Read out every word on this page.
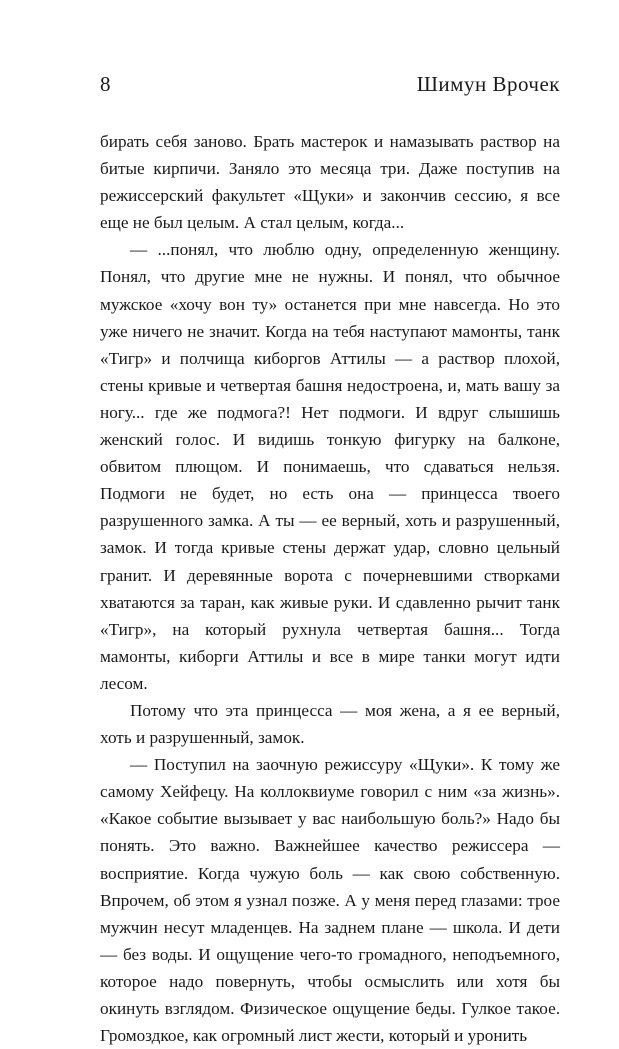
8	Шимун Врочек

бирать себя заново. Брать мастерок и намазывать раствор на битые кирпичи. Заняло это месяца три. Даже поступив на режиссерский факультет «Щуки» и закончив сессию, я все еще не был целым. А стал целым, когда...

— ...понял, что люблю одну, определенную женщину. Понял, что другие мне не нужны. И понял, что обычное мужское «хочу вон ту» останется при мне навсегда. Но это уже ничего не значит. Когда на тебя наступают мамонты, танк «Тигр» и полчища киборгов Аттилы — а раствор плохой, стены кривые и четвертая башня недостроена, и, мать вашу за ногу... где же подмога?! Нет подмоги. И вдруг слышишь женский голос. И видишь тонкую фигурку на балконе, обвитом плющом. И понимаешь, что сдаваться нельзя. Подмоги не будет, но есть она — принцесса твоего разрушенного замка. А ты — ее верный, хоть и разрушенный, замок. И тогда кривые стены держат удар, словно цельный гранит. И деревянные ворота с почерневшими створками хватаются за таран, как живые руки. И сдавленно рычит танк «Тигр», на который рухнула четвертая башня... Тогда мамонты, киборги Аттилы и все в мире танки могут идти лесом.

Потому что эта принцесса — моя жена, а я ее верный, хоть и разрушенный, замок.

— Поступил на заочную режиссуру «Щуки». К тому же самому Хейфецу. На коллоквиуме говорил с ним «за жизнь». «Какое событие вызывает у вас наибольшую боль?» Надо бы понять. Это важно. Важнейшее качество режиссера — восприятие. Когда чужую боль — как свою собственную. Впрочем, об этом я узнал позже. А у меня перед глазами: трое мужчин несут младенцев. На заднем плане — школа. И дети — без воды. И ощущение чего-то громадного, неподъемного, которое надо повернуть, чтобы осмыслить или хотя бы окинуть взглядом. Физическое ощущение беды. Гулкое такое. Громоздкое, как огромный лист жести, который и уронить
